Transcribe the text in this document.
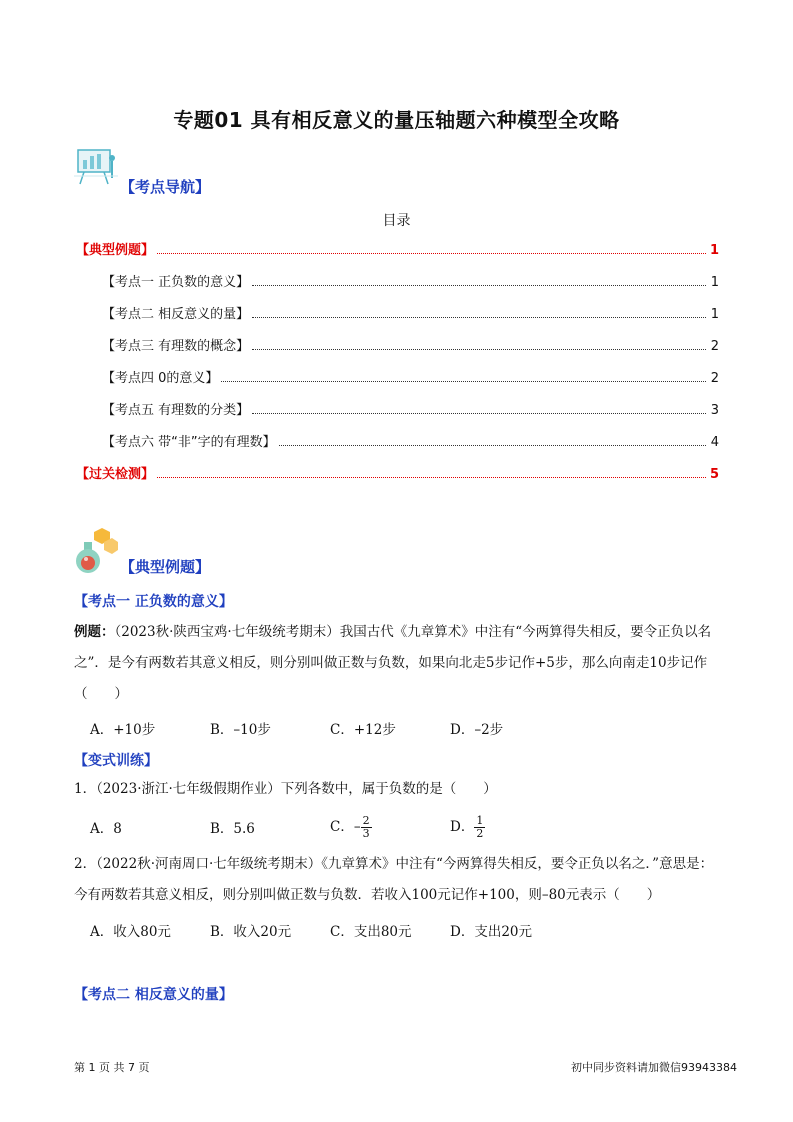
专题01 具有相反意义的量压轴题六种模型全攻略
【考点导航】
目录
【典型例题】	1
【考点一 正负数的意义】	1
【考点二 相反意义的量】	1
【考点三 有理数的概念】	2
【考点四 0的意义】	2
【考点五 有理数的分类】	3
【考点六 带“非”字的有理数】	4
【过关检测】	5
【典型例题】
【考点一 正负数的意义】
例题：（2023秋·陕西宝鸡·七年级统考期末）我国古代《九章算术》中注有“今两算得失相反，要令正负以名
之”．是今有两数若其意义相反，则分别叫做正数与负数，如果向北走5步记作+5步，那么向南走10步记作
（　　）
A．+10步	B．–10步	C．+12步	D．–2步
【变式训练】
1．（2023·浙江·七年级假期作业）下列各数中，属于负数的是（　　）
A．8	B．5.6	C．– $\frac{2}{3}$	D． $\frac{1}{2}$
2．（2022秋·河南周口·七年级统考期末）《九章算术》中注有“今两算得失相反，要令正负以名之．”意思是：
今有两数若其意义相反，则分别叫做正数与负数．若收入100元记作+100，则–80元表示（　　）
A．收入80元	B．收入20元	C．支出80元	D．支出20元
【考点二 相反意义的量】
第 1 页 共 7 页	初中同步资料请加微信93943384
